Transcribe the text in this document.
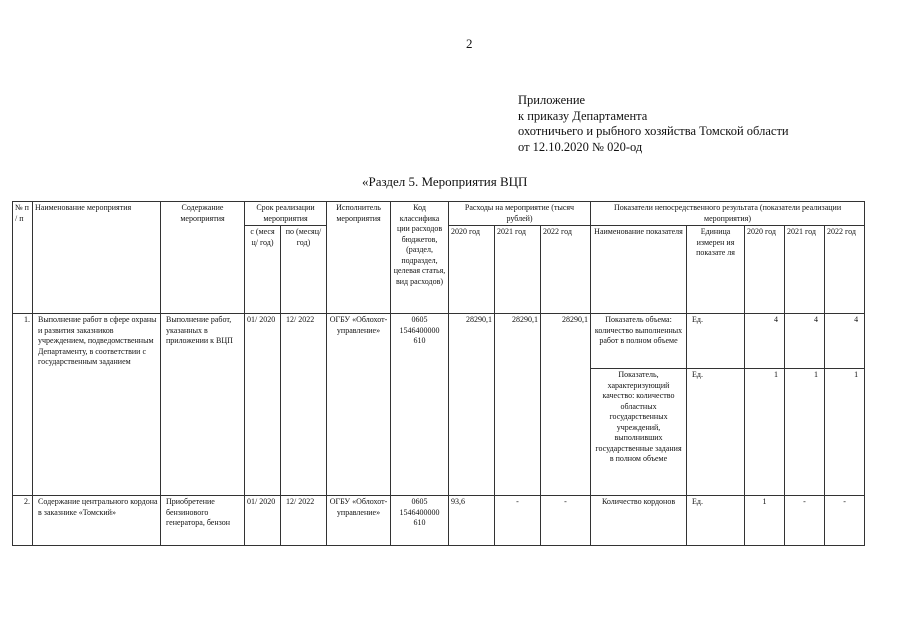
2
Приложение
к приказу Департамента
охотничьего и рыбного хозяйства Томской области
от 12.10.2020 № 020-од
«Раздел 5. Мероприятия ВЦП
№ п / п	Наименование мероприятия	Содержание мероприятия	Срок реализации мероприятия		Исполнитель мероприятия	Код классифика ции расходов бюджетов, (раздел, подраздел, целевая статья, вид расходов)	Расходы на мероприятие (тысяч рублей)			Показатели непосредственного результата (показатели реализации мероприятия)				
			с (меся ц/ год)	по (месяц/ год)			2020 год	2021 год	2022 год	Наименование показателя	Единица измерен ия показате ля	2020 год	2021 год	2022 год
1.	Выполнение работ в сфере охраны и развития заказников учреждением, подведомственным Департаменту, в соответствии с государственным заданием	Выполнение работ, указанных в приложении к ВЦП	01/ 2020	12/ 2022	ОГБУ «Облохот-управление»	0605 1546400000 610	28290,1	28290,1	28290,1	Показатель объема: количество выполненных работ в полном объеме	Ед.	4	4	4
										Показатель, характеризующий качество: количество областных государственных учреждений, выполнивших государственные задания в полном объеме	Ед.	1	1	1
2.	Содержание центрального кордона в заказнике «Томский»	Приобретение бензинового генератора, бензон	01/ 2020	12/ 2022	ОГБУ «Облохот-управление»	0605 1546400000 610	93,6	-	-	Количество кордонов	Ед.	1	-	-
